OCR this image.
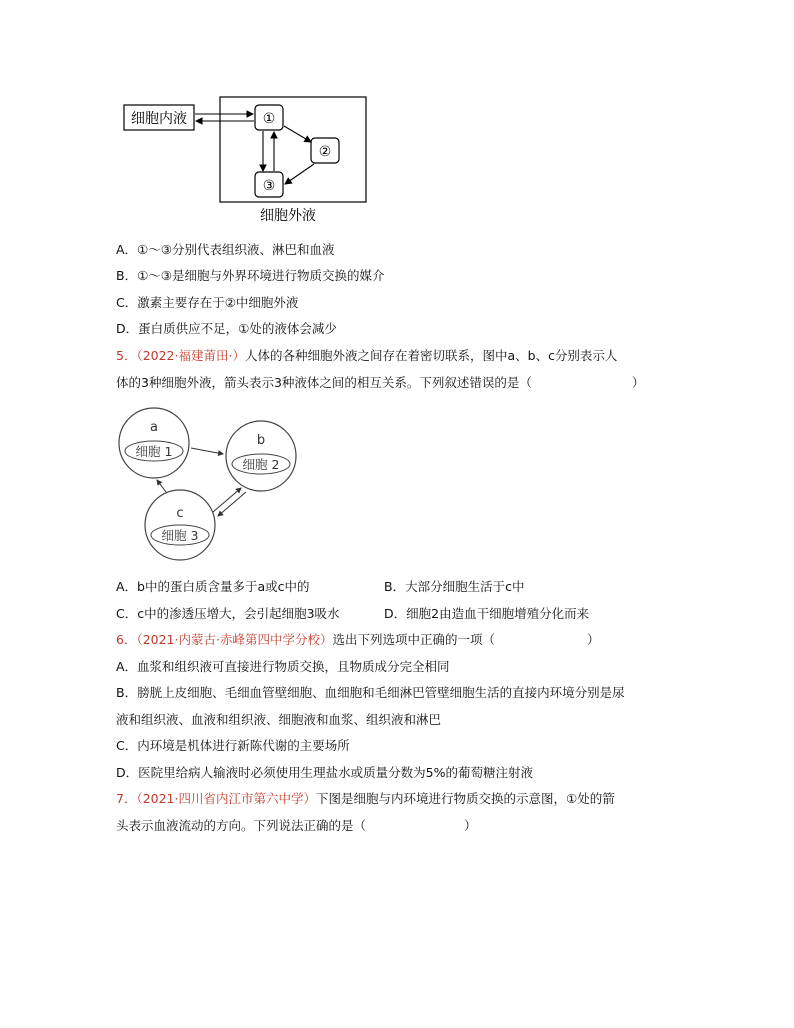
细胞内液	①
②
③
细胞外液
A．①～③分别代表组织液、淋巴和血液
B．①～③是细胞与外界环境进行物质交换的媒介
C．激素主要存在于②中细胞外液
D．蛋白质供应不足，①处的液体会减少
5．（2022·福建莆田·）人体的各种细胞外液之间存在着密切联系，图中a、b、c分别表示人
体的3种细胞外液，箭头表示3种液体之间的相互关系。下列叙述错误的是（	）
a
细胞 1
b
细胞 2
c
细胞 3
A．b中的蛋白质含量多于a或c中的	B．大部分细胞生活于c中
C．c中的渗透压增大，会引起细胞3吸水	D．细胞2由造血干细胞增殖分化而来
6．（2021·内蒙古·赤峰第四中学分校）选出下列选项中正确的一项（	）
A．血浆和组织液可直接进行物质交换，且物质成分完全相同
B．膀胱上皮细胞、毛细血管壁细胞、血细胞和毛细淋巴管壁细胞生活的直接内环境分别是尿
液和组织液、血液和组织液、细胞液和血浆、组织液和淋巴
C．内环境是机体进行新陈代谢的主要场所
D．医院里给病人输液时必须使用生理盐水或质量分数为5%的葡萄糖注射液
7．（2021·四川省内江市第六中学）下图是细胞与内环境进行物质交换的示意图，①处的箭
头表示血液流动的方向。下列说法正确的是（	）
